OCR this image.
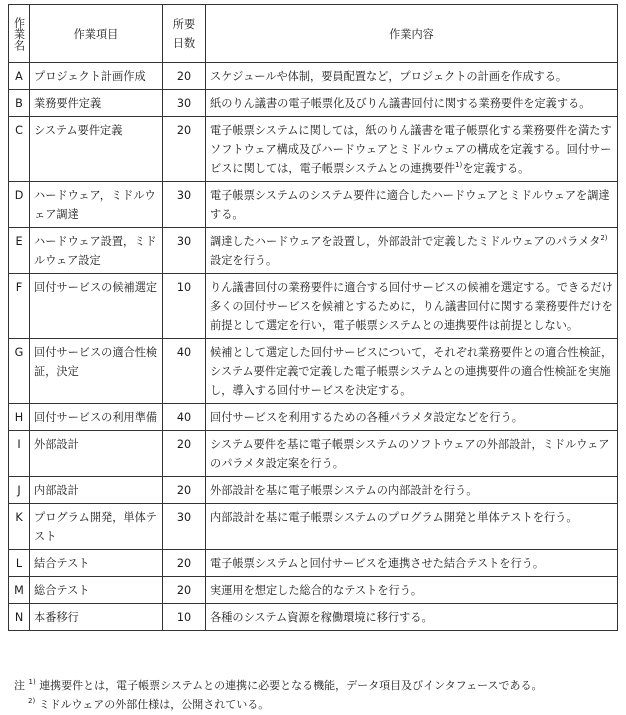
作業名	作業項目	所要日数	作業内容
A	プロジェクト計画作成	20	スケジュールや体制，要員配置など，プロジェクトの計画を作成する。
B	業務要件定義	30	紙のりん議書の電子帳票化及びりん議書回付に関する業務要件を定義する。
C	システム要件定義	20	電子帳票システムに関しては，紙のりん議書を電子帳票化する業務要件を満たすソフトウェア構成及びハードウェアとミドルウェアの構成を定義する。回付サービスに関しては，電子帳票システムとの連携要件$^{1)}$を定義する。
D	ハードウェア，ミドルウェア調達	30	電子帳票システムのシステム要件に適合したハードウェアとミドルウェアを調達する。
E	ハードウェア設置，ミドルウェア設定	30	調達したハードウェアを設置し，外部設計で定義したミドルウェアのパラメタ$^{2)}$設定を行う。
F	回付サービスの候補選定	10	りん議書回付の業務要件に適合する回付サービスの候補を選定する。できるだけ多くの回付サービスを候補とするために，りん議書回付に関する業務要件だけを前提として選定を行い，電子帳票システムとの連携要件は前提としない。
G	回付サービスの適合性検証，決定	40	候補として選定した回付サービスについて，それぞれ業務要件との適合性検証，システム要件定義で定義した電子帳票システムとの連携要件の適合性検証を実施し，導入する回付サービスを決定する。
H	回付サービスの利用準備	40	回付サービスを利用するための各種パラメタ設定などを行う。
I	外部設計	20	システム要件を基に電子帳票システムのソフトウェアの外部設計，ミドルウェアのパラメタ設定案を行う。
J	内部設計	20	外部設計を基に電子帳票システムの内部設計を行う。
K	プログラム開発，単体テスト	30	内部設計を基に電子帳票システムのプログラム開発と単体テストを行う。
L	結合テスト	20	電子帳票システムと回付サービスを連携させた結合テストを行う。
M	総合テスト	20	実運用を想定した総合的なテストを行う。
N	本番移行	10	各種のシステム資源を稼働環境に移行する。
注 $^{1)}$ 連携要件とは，電子帳票システムとの連携に必要となる機能，データ項目及びインタフェースである。
$^{2)}$ ミドルウェアの外部仕様は，公開されている。
